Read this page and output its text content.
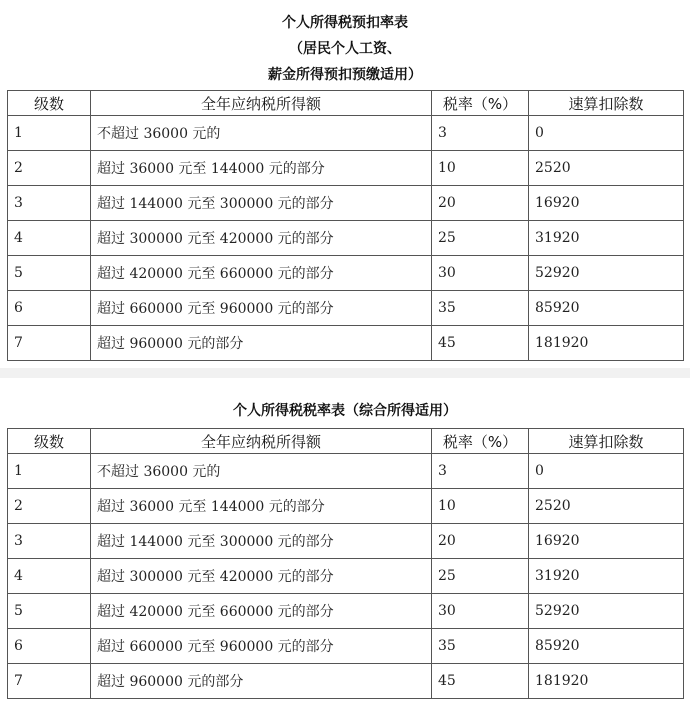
个人所得税预扣率表
（居民个人工资、
薪金所得预扣预缴适用）
级数	全年应纳税所得额	税率（%）	速算扣除数
1	不超过 36000 元的	3	0
2	超过 36000 元至 144000 元的部分	10	2520
3	超过 144000 元至 300000 元的部分	20	16920
4	超过 300000 元至 420000 元的部分	25	31920
5	超过 420000 元至 660000 元的部分	30	52920
6	超过 660000 元至 960000 元的部分	35	85920
7	超过 960000 元的部分	45	181920
个人所得税税率表（综合所得适用）
级数	全年应纳税所得额	税率（%）	速算扣除数
1	不超过 36000 元的	3	0
2	超过 36000 元至 144000 元的部分	10	2520
3	超过 144000 元至 300000 元的部分	20	16920
4	超过 300000 元至 420000 元的部分	25	31920
5	超过 420000 元至 660000 元的部分	30	52920
6	超过 660000 元至 960000 元的部分	35	85920
7	超过 960000 元的部分	45	181920
